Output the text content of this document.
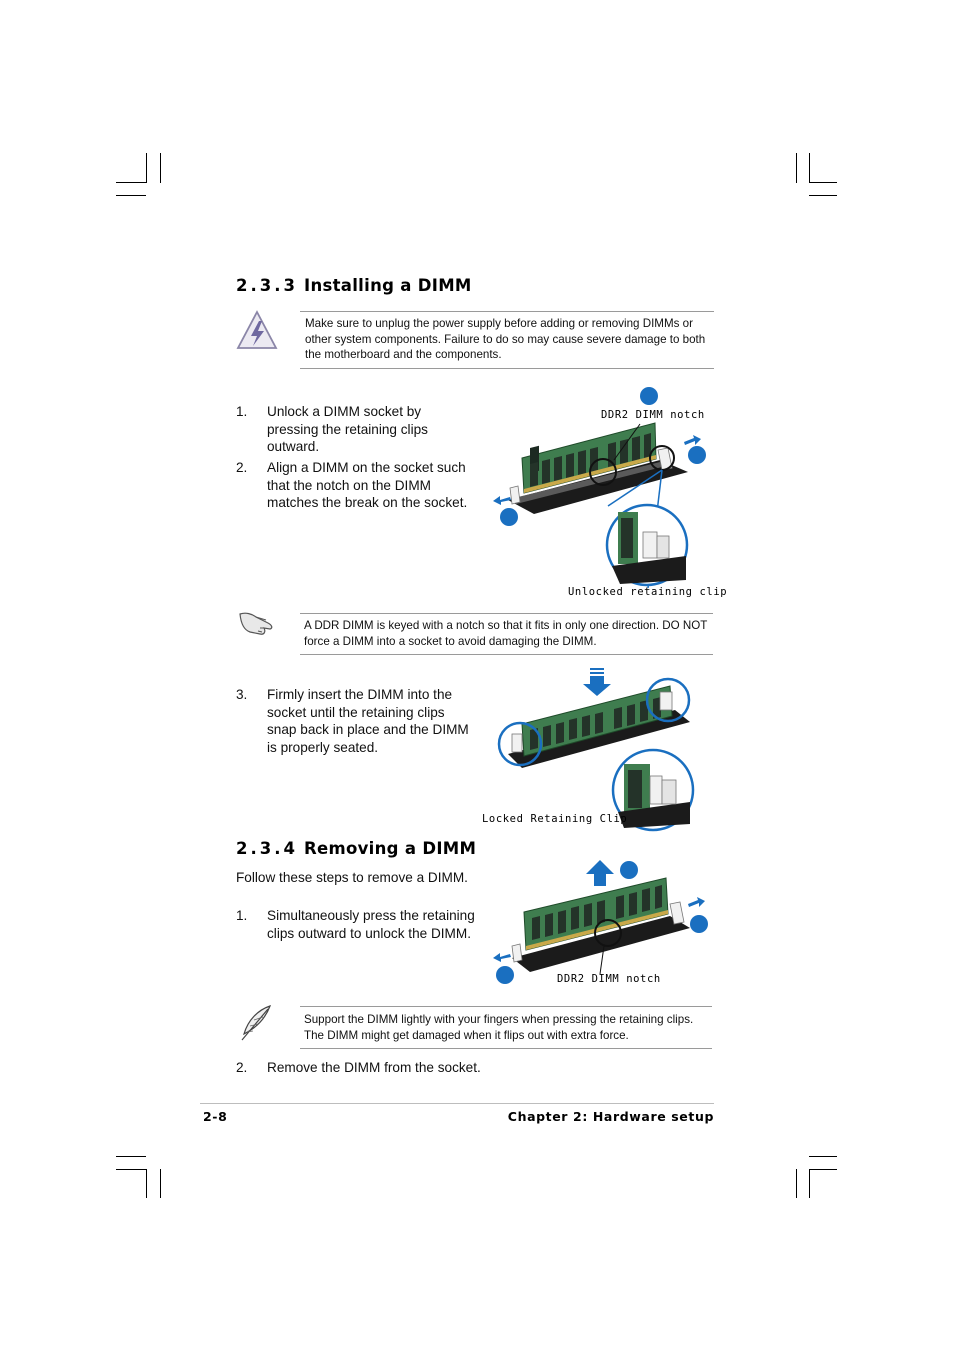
2.3.3 Installing a DIMM
Make sure to unplug the power supply before adding or removing DIMMs or other system components. Failure to do so may cause severe damage to both the motherboard and the components.
1. Unlock a DIMM socket by pressing the retaining clips outward.
2. Align a DIMM on the socket such that the notch on the DIMM matches the break on the socket.
DDR2 DIMM notch
Unlocked retaining clip
A DDR DIMM is keyed with a notch so that it fits in only one direction. DO NOT force a DIMM into a socket to avoid damaging the DIMM.
3. Firmly insert the DIMM into the socket until the retaining clips snap back in place and the DIMM is properly seated.
Locked Retaining Clip
2.3.4 Removing a DIMM
Follow these steps to remove a DIMM.
1. Simultaneously press the retaining clips outward to unlock the DIMM.
DDR2 DIMM notch
Support the DIMM lightly with your fingers when pressing the retaining clips. The DIMM might get damaged when it flips out with extra force.
2. Remove the DIMM from the socket.
2-8	Chapter 2: Hardware setup
